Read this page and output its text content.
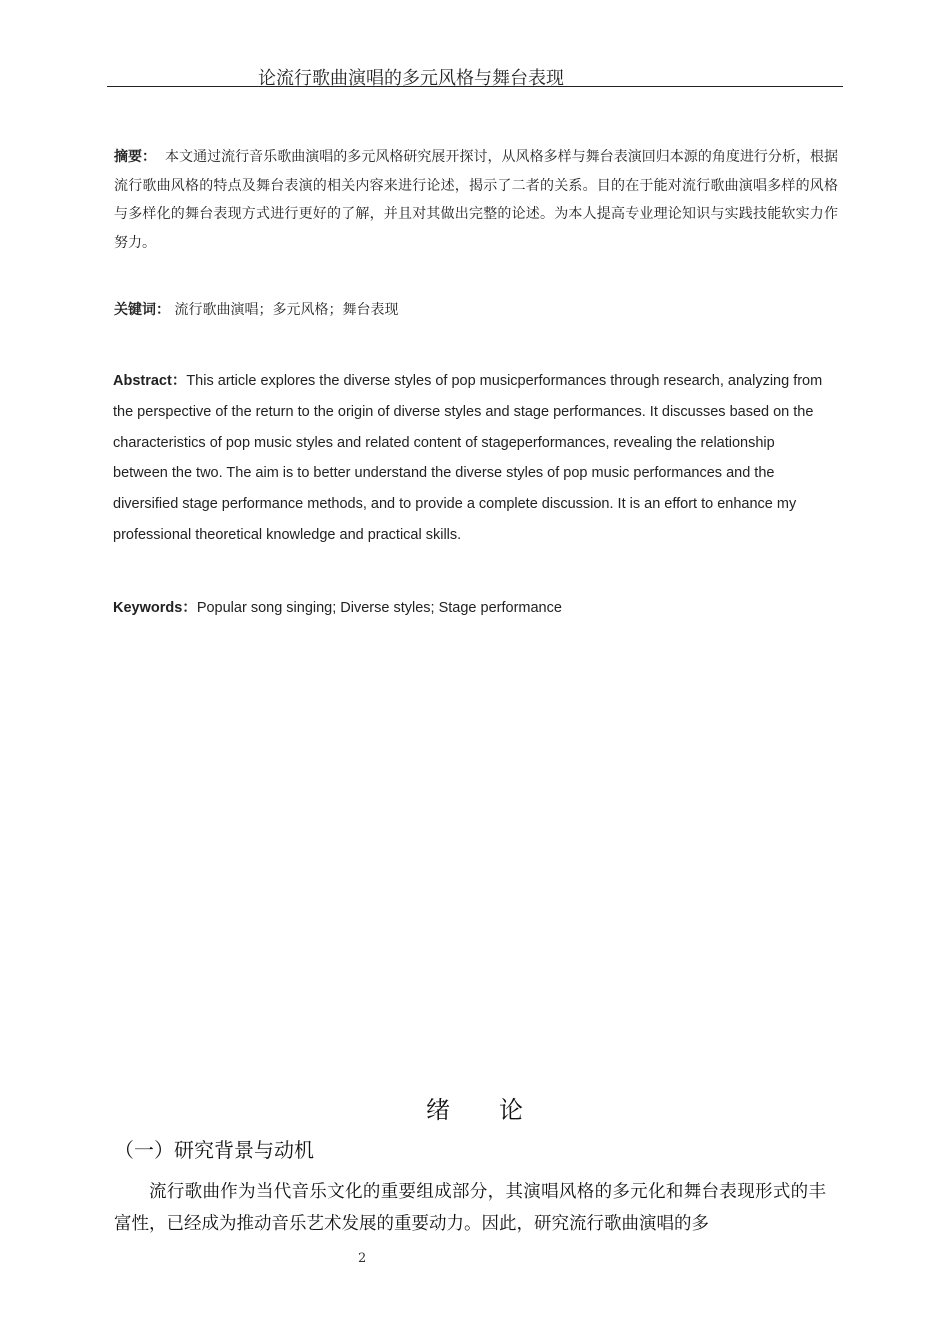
论流行歌曲演唱的多元风格与舞台表现
摘要： 本文通过流行音乐歌曲演唱的多元风格研究展开探讨，从风格多样与舞台表演回归本源的角度进行分析，根据流行歌曲风格的特点及舞台表演的相关内容来进行论述，揭示了二者的关系。目的在于能对流行歌曲演唱多样的风格与多样化的舞台表现方式进行更好的了解，并且对其做出完整的论述。为本人提高专业理论知识与实践技能软实力作努力。
关键词： 流行歌曲演唱；多元风格；舞台表现
Abstract：This article explores the diverse styles of pop musicperformances through research, analyzing from the perspective of the return to the origin of diverse styles and stage performances. It discusses based on the characteristics of pop music styles and related content of stageperformances, revealing the relationship between the two. The aim is to better understand the diverse styles of pop music performances and the diversified stage performance methods, and to provide a complete discussion. It is an effort to enhance my professional theoretical knowledge and practical skills.
Keywords：Popular song singing; Diverse styles; Stage performance
绪 论
（一）研究背景与动机
流行歌曲作为当代音乐文化的重要组成部分，其演唱风格的多元化和舞台表现形式的丰富性，已经成为推动音乐艺术发展的重要动力。因此，研究流行歌曲演唱的多
2
